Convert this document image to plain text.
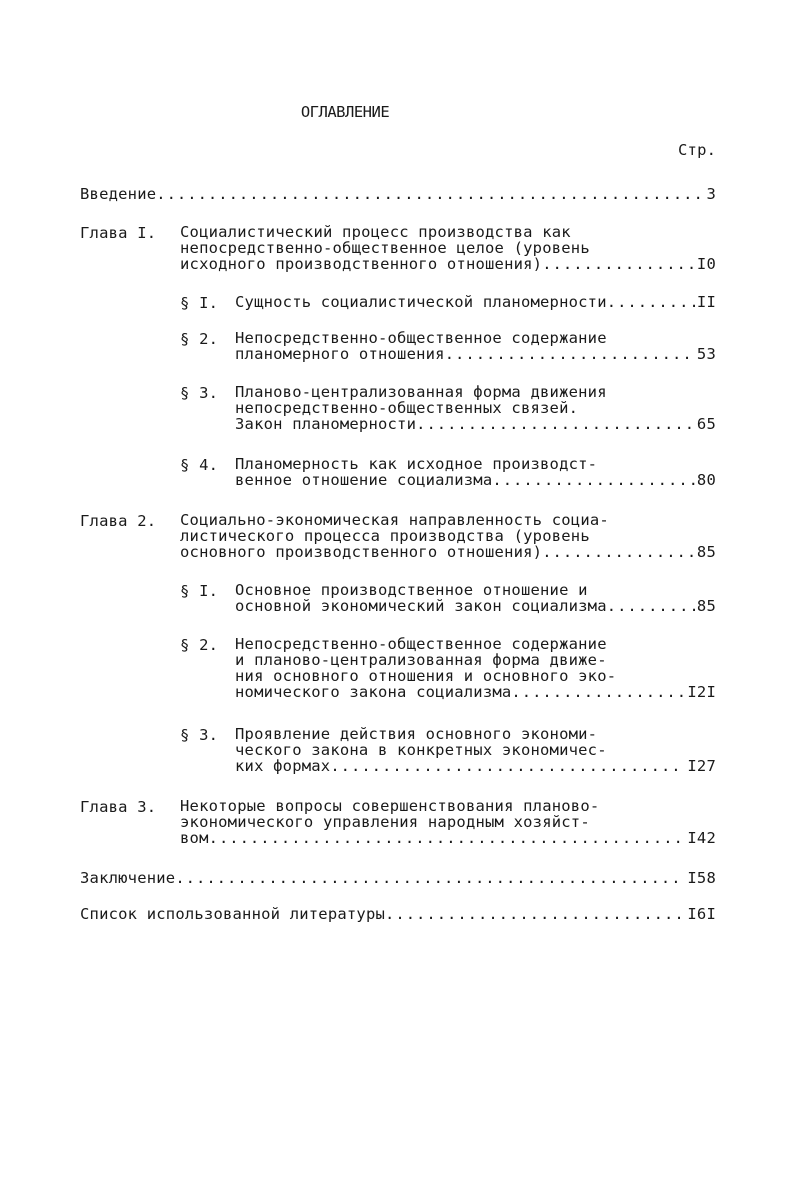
ОГЛАВЛЕНИЕ
Стр.
Введение .....	3
Глава I. Социалистический процесс производства как
непосредственно-общественное целое (уровень
исходного производственного отношения) .....	I0
§ I. Сущность социалистической планомерности .....	II
§ 2. Непосредственно-общественное содержание
планомерного отношения .....	53
§ 3. Планово-централизованная форма движения
непосредственно-общественных связей.
Закон планомерности .....	65
§ 4. Планомерность как исходное производст-
венное отношение социализма .....	80
Глава 2. Социально-экономическая направленность социа-
листического процесса производства (уровень
основного производственного отношения) .....	85
§ I. Основное производственное отношение и
основной экономический закон социализма .....	85
§ 2. Непосредственно-общественное содержание
и планово-централизованная форма движе-
ния основного отношения и основного эко-
номического закона социализма .....	I2I
§ 3. Проявление действия основного экономи-
ческого закона в конкретных экономичес-
ких формах .....	I27
Глава 3. Некоторые вопросы совершенствования планово-
экономического управления народным хозяйст-
вом .....	I42
Заключение .....	I58
Список использованной литературы .....	I6I
